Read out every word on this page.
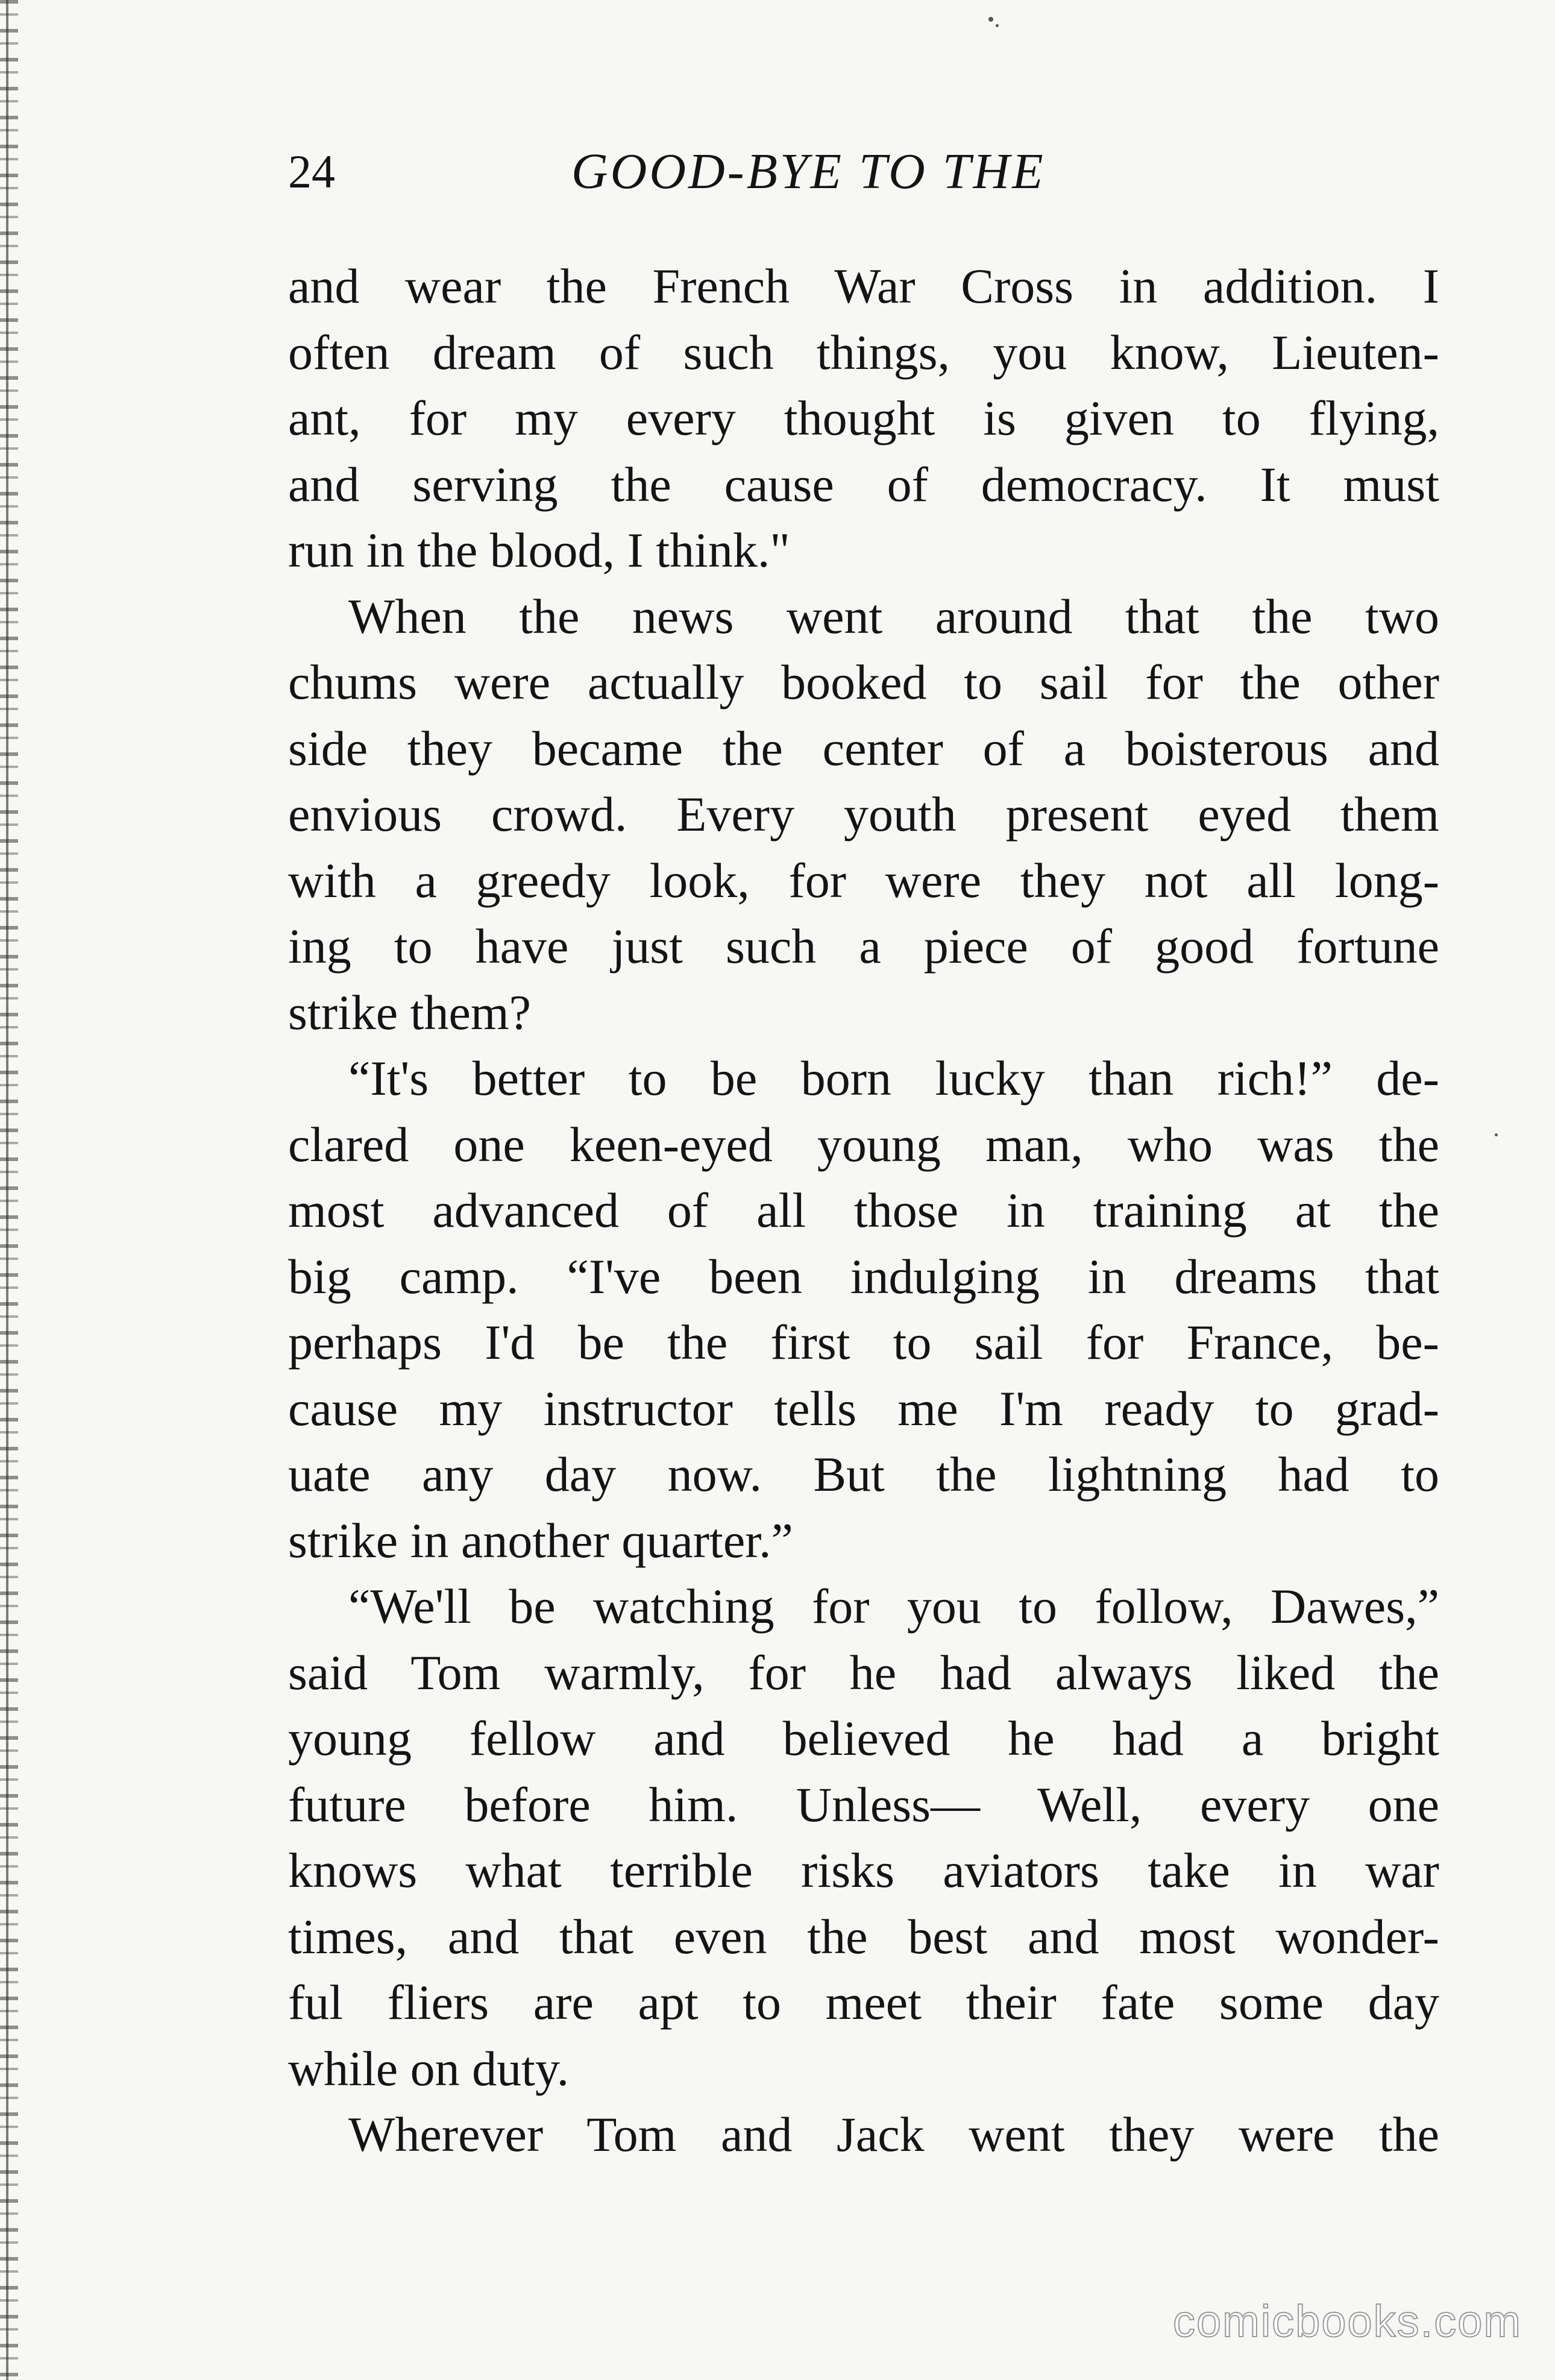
24	GOOD-BYE TO THE
and wear the French War Cross in addition. I
often dream of such things, you know, Lieuten-
ant, for my every thought is given to flying,
and serving the cause of democracy. It must
run in the blood, I think."
When the news went around that the two
chums were actually booked to sail for the other
side they became the center of a boisterous and
envious crowd. Every youth present eyed them
with a greedy look, for were they not all long-
ing to have just such a piece of good fortune
strike them?
“It's better to be born lucky than rich!” de-
clared one keen-eyed young man, who was the
most advanced of all those in training at the
big camp. “I've been indulging in dreams that
perhaps I'd be the first to sail for France, be-
cause my instructor tells me I'm ready to grad-
uate any day now. But the lightning had to
strike in another quarter.”
“We'll be watching for you to follow, Dawes,”
said Tom warmly, for he had always liked the
young fellow and believed he had a bright
future before him. Unless— Well, every one
knows what terrible risks aviators take in war
times, and that even the best and most wonder-
ful fliers are apt to meet their fate some day
while on duty.
Wherever Tom and Jack went they were the
comicbooks.com
